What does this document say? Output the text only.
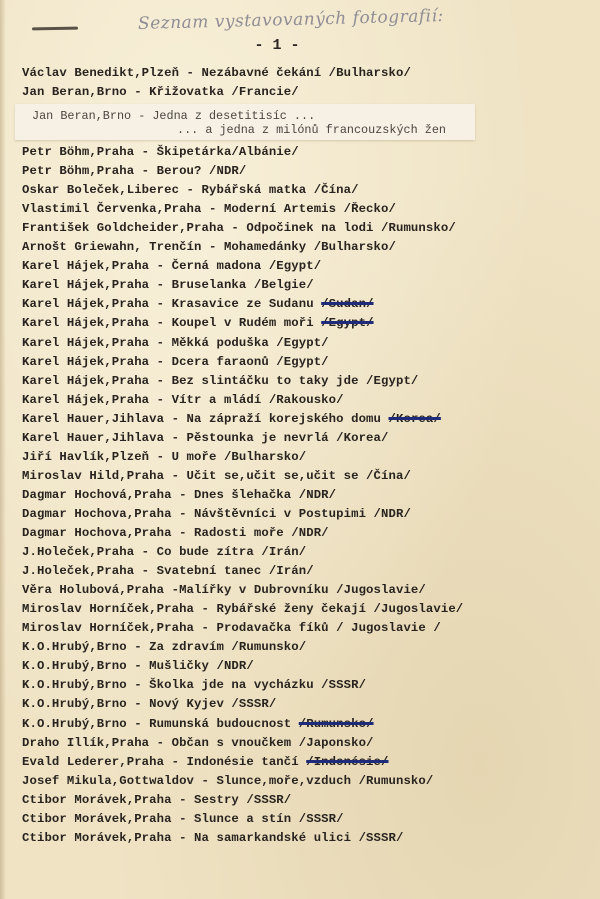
Seznam vystavovaných fotografií:
- 1 -
Jan Beran,Brno - Jedna z desetitisíc ...
... a jedna z milónů francouzských žen
Václav Benedikt,Plzeň - Nezábavné čekání /Bulharsko/
Jan Beran,Brno - Křižovatka /Francie/
Petr Böhm,Praha - Škipetárka/Albánie/
Petr Böhm,Praha - Berou? /NDR/
Oskar Boleček,Liberec - Rybářská matka /Čína/
Vlastimil Červenka,Praha - Moderní Artemis /Řecko/
František Goldcheider,Praha - Odpočinek na lodi /Rumunsko/
Arnošt Griewahn, Trenčín - Mohamedánky /Bulharsko/
Karel Hájek,Praha - Černá madona /Egypt/
Karel Hájek,Praha - Bruselanka /Belgie/
Karel Hájek,Praha - Krasavice ze Sudanu /Sudan/
Karel Hájek,Praha - Koupel v Rudém moři /Egypt/
Karel Hájek,Praha - Měkká poduška /Egypt/
Karel Hájek,Praha - Dcera faraonů /Egypt/
Karel Hájek,Praha - Bez slintáčku to taky jde /Egypt/
Karel Hájek,Praha - Vítr a mládí /Rakousko/
Karel Hauer,Jihlava - Na zápraží korejského domu /Korea/
Karel Hauer,Jihlava - Pěstounka je nevrlá /Korea/
Jiří Havlík,Plzeň - U moře /Bulharsko/
Miroslav Hild,Praha - Učit se,učit se,učit se /Čína/
Dagmar Hochová,Praha - Dnes šlehačka /NDR/
Dagmar Hochova,Praha - Návštěvníci v Postupimi /NDR/
Dagmar Hochova,Praha - Radosti moře /NDR/
J.Holeček,Praha - Co bude zítra /Irán/
J.Holeček,Praha - Svatební tanec /Irán/
Věra Holubová,Praha -Malířky v Dubrovníku /Jugoslavie/
Miroslav Horníček,Praha - Rybářské ženy čekají /Jugoslavie/
Miroslav Horníček,Praha - Prodavačka fíků / Jugoslavie /
K.O.Hrubý,Brno - Za zdravím /Rumunsko/
K.O.Hrubý,Brno - Mušličky /NDR/
K.O.Hrubý,Brno - Školka jde na vycházku /SSSR/
K.O.Hrubý,Brno - Nový Kyjev /SSSR/
K.O.Hrubý,Brno - Rumunská budoucnost /Rumunsko/
Draho Illík,Praha - Občan s vnoučkem /Japonsko/
Evald Lederer,Praha - Indonésie tančí /Indonésie/
Josef Mikula,Gottwaldov - Slunce,moře,vzduch /Rumunsko/
Ctibor Morávek,Praha - Sestry /SSSR/
Ctibor Morávek,Praha - Slunce a stín /SSSR/
Ctibor Morávek,Praha - Na samarkandské ulici /SSSR/
